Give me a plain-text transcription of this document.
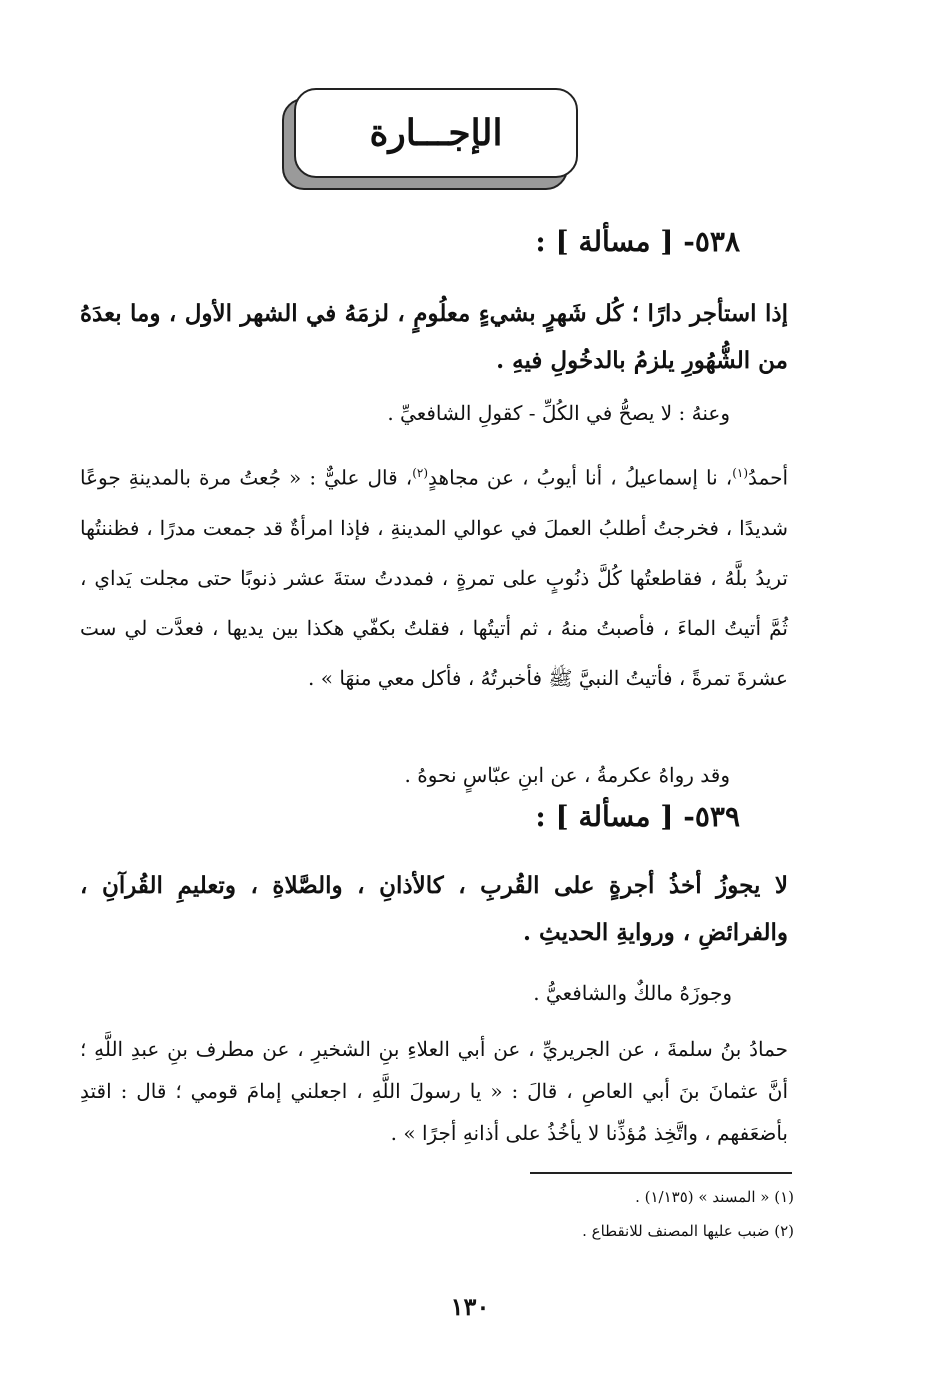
الإجـــارة
٥٣٨- [ مسألة ] :
إذا استأجر دارًا ؛ كُل شَهرٍ بشيءٍ معلُومٍ ، لزمَهُ في الشهر الأول ، وما بعدَهُ من الشُّهُورِ يلزمُ بالدخُولِ فيهِ .
وعنهُ : لا يصحُّ في الكُلِّ - كقولِ الشافعيِّ .
أحمدُ$^{(١)}$، نا إسماعيلُ ، أنا أيوبُ ، عن مجاهدٍ$^{(٢)}$، قال عليٌّ : « جُعتُ مرة بالمدينةِ جوعًا شديدًا ، فخرجتُ أطلبُ العملَ في عوالي المدينةِ ، فإذا امرأةٌ قد جمعت مدرًا ، فظننتُها تريدُ بلَّهُ ، فقاطعتُها كُلَّ ذنُوبٍ على تمرةٍ ، فمددتُ ستةَ عشر ذنوبًا حتى مجلت يَداي ، ثُمَّ أتيتُ الماءَ ، فأصبتُ منهُ ، ثم أتيتُها ، فقلتُ بكفّي هكذا بين يديها ، فعدَّت لي ست عشرةَ تمرةً ، فأتيتُ النبيَّ ﷺ فأخبرتُهُ ، فأكل معي منهَا » .
وقد رواهُ عكرمةُ ، عن ابنِ عبّاسٍ نحوهُ .
٥٣٩- [ مسألة ] :
لا يجوزُ أخذُ أجرةٍ على القُربِ ، كالأذانِ ، والصَّلاةِ ، وتعليمِ القُرآنِ ، والفرائضِ ، وروايةِ الحديثِ .
وجوزَهُ مالكٌ والشافعيُّ .
حمادُ بنُ سلمةَ ، عن الجريريِّ ، عن أبي العلاءِ بنِ الشخيرِ ، عن مطرف بنِ عبدِ اللَّهِ ؛ أنَّ عثمانَ بنَ أبي العاصِ ، قالَ : « يا رسولَ اللَّهِ ، اجعلني إمامَ قومي ؛ قال : اقتدِ بأضعَفهم ، واتَّخِذ مُؤذِّنا لا يأخُذُ على أذانهِ أجرًا » .
(١) « المسند » (١/١٣٥) .
(٢) ضبب عليها المصنف للانقطاع .
١٣٠
